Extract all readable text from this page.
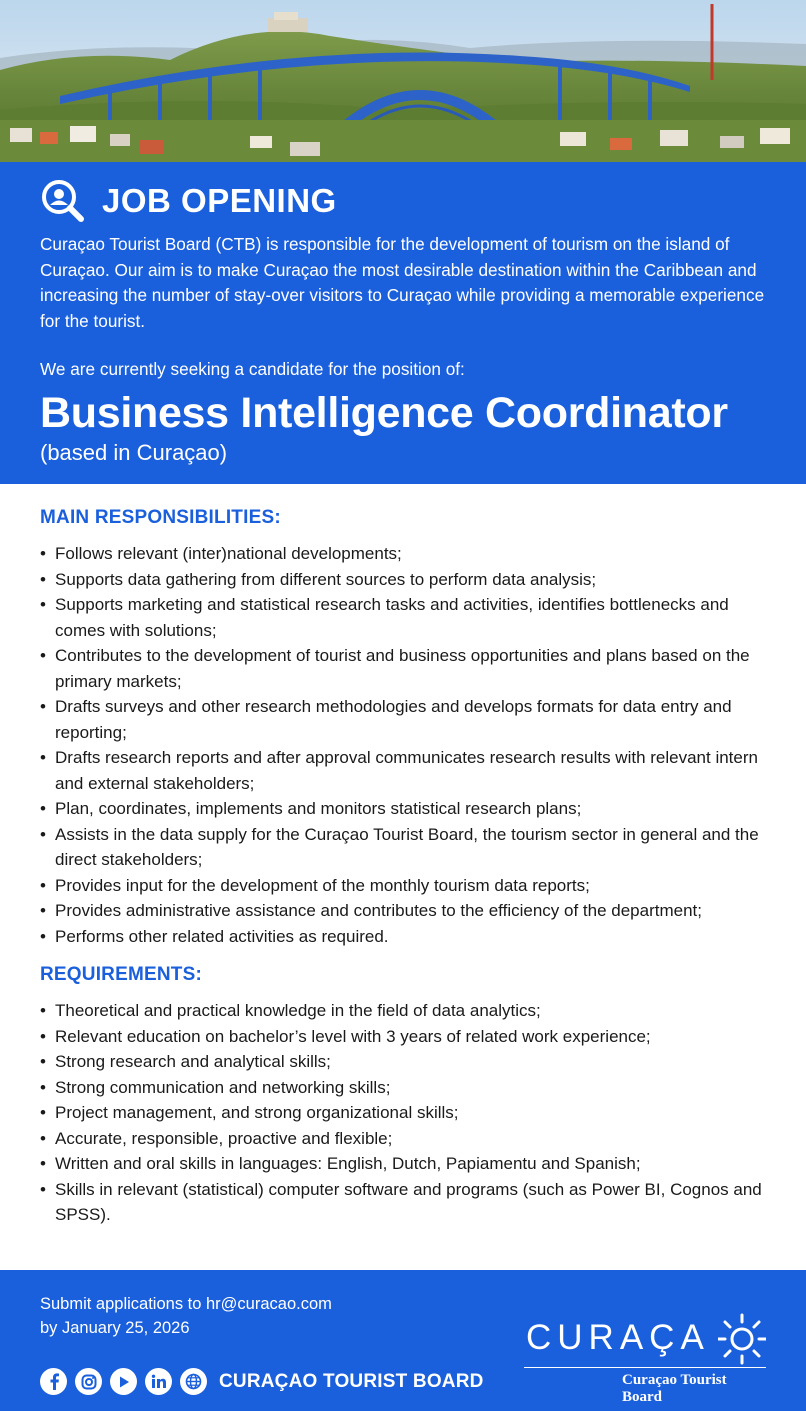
JOB OPENING

Curaçao Tourist Board (CTB) is responsible for the development of tourism on the island of Curaçao. Our aim is to make Curaçao the most desirable destination within the Caribbean and increasing the number of stay-over visitors to Curaçao while providing a memorable experience for the tourist.

We are currently seeking a candidate for the position of:

Business Intelligence Coordinator

(based in Curaçao)

MAIN RESPONSIBILITIES:
• Follows relevant (inter)national developments;
• Supports data gathering from different sources to perform data analysis;
• Supports marketing and statistical research tasks and activities, identifies bottlenecks and comes with solutions;
• Contributes to the development of tourist and business opportunities and plans based on the primary markets;
• Drafts surveys and other research methodologies and develops formats for data entry and reporting;
• Drafts research reports and after approval communicates research results with relevant intern and external stakeholders;
• Plan, coordinates, implements and monitors statistical research plans;
• Assists in the data supply for the Curaçao Tourist Board, the tourism sector in general and the direct stakeholders;
• Provides input for the development of the monthly tourism data reports;
• Provides administrative assistance and contributes to the efficiency of the department;
• Performs other related activities as required.
REQUIREMENTS:
• Theoretical and practical knowledge in the field of data analytics;
• Relevant education on bachelor’s level with 3 years of related work experience;
• Strong research and analytical skills;
• Strong communication and networking skills;
• Project management, and strong organizational skills;
• Accurate, responsible, proactive and flexible;
• Written and oral skills in languages: English, Dutch, Papiamentu and Spanish;
• Skills in relevant (statistical) computer software and programs (such as Power BI, Cognos and SPSS).
Submit applications to hr@curacao.com
by January 25, 2026
CURAÇAO TOURIST BOARD
CURAÇA
Curaçao Tourist Board
